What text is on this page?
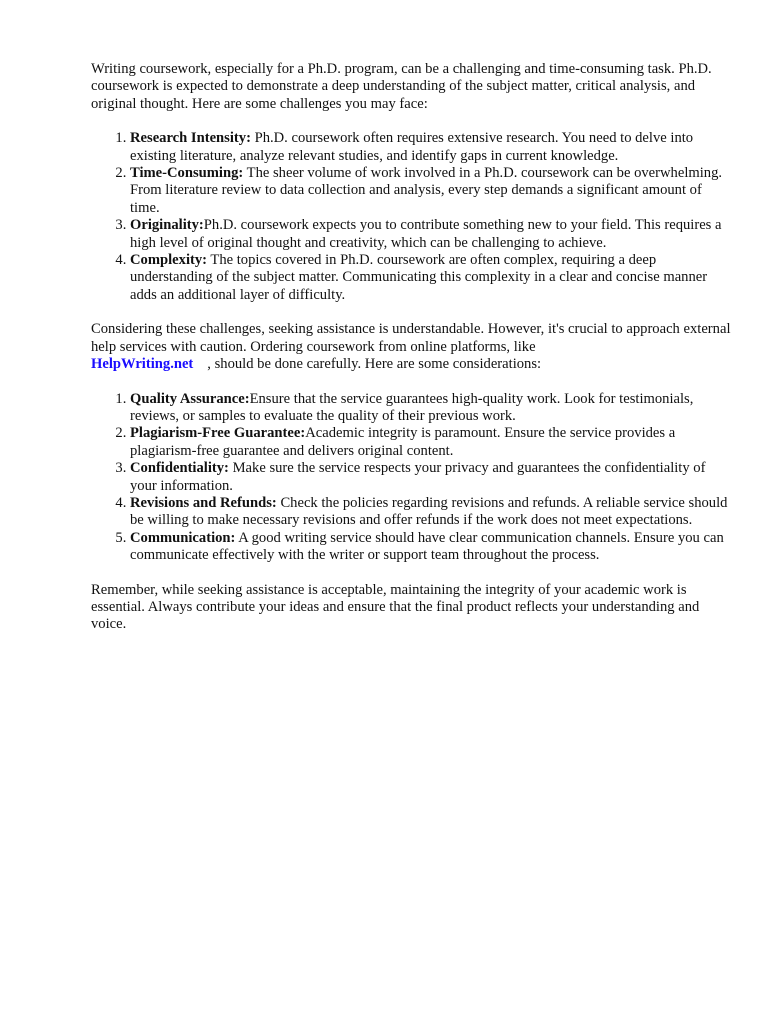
Writing coursework, especially for a Ph.D. program, can be a challenging and time-consuming task. Ph.D. coursework is expected to demonstrate a deep understanding of the subject matter, critical analysis, and original thought. Here are some challenges you may face:

1. Research Intensity: Ph.D. coursework often requires extensive research. You need to delve into existing literature, analyze relevant studies, and identify gaps in current knowledge.
2. Time-Consuming: The sheer volume of work involved in a Ph.D. coursework can be overwhelming. From literature review to data collection and analysis, every step demands a significant amount of time.
3. Originality:Ph.D. coursework expects you to contribute something new to your field. This requires a high level of original thought and creativity, which can be challenging to achieve.
4. Complexity: The topics covered in Ph.D. coursework are often complex, requiring a deep understanding of the subject matter. Communicating this complexity in a clear and concise manner adds an additional layer of difficulty.

Considering these challenges, seeking assistance is understandable. However, it's crucial to approach external help services with caution. Ordering coursework from online platforms, like
HelpWriting.net , should be done carefully. Here are some considerations:

1. Quality Assurance:Ensure that the service guarantees high-quality work. Look for testimonials, reviews, or samples to evaluate the quality of their previous work.
2. Plagiarism-Free Guarantee:Academic integrity is paramount. Ensure the service provides a plagiarism-free guarantee and delivers original content.
3. Confidentiality: Make sure the service respects your privacy and guarantees the confidentiality of your information.
4. Revisions and Refunds: Check the policies regarding revisions and refunds. A reliable service should be willing to make necessary revisions and offer refunds if the work does not meet expectations.
5. Communication: A good writing service should have clear communication channels. Ensure you can communicate effectively with the writer or support team throughout the process.

Remember, while seeking assistance is acceptable, maintaining the integrity of your academic work is essential. Always contribute your ideas and ensure that the final product reflects your understanding and voice.
